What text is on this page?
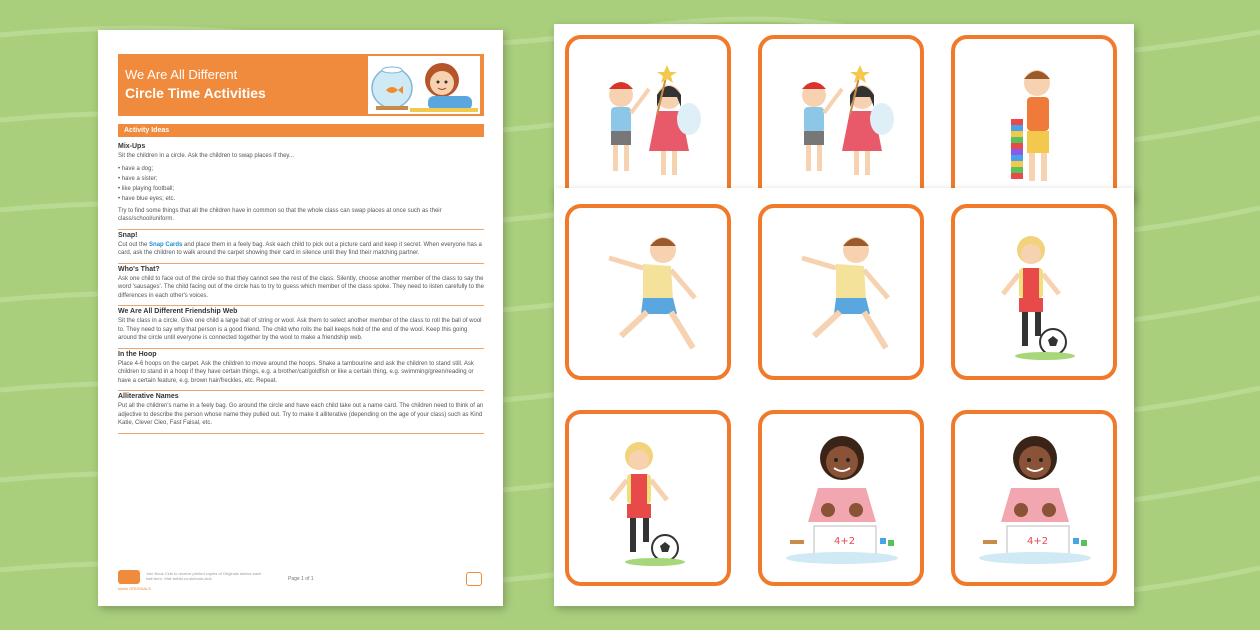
We Are All Different
Circle Time Activities
Activity Ideas
Mix-Ups
Sit the children in a circle. Ask the children to swap places if they...
• have a dog;
• have a sister;
• like playing football;
• have blue eyes; etc.
Try to find some things that all the children have in common so that the whole class can swap places at once such as their class/school/uniform.
Snap!
Cut out the Snap Cards and place them in a feely bag. Ask each child to pick out a picture card and keep it secret. When everyone has a card, ask the children to walk around the carpet showing their card in silence until they find their matching partner.
Who's That?
Ask one child to face out of the circle so that they cannot see the rest of the class. Silently, choose another member of the class to say the word 'sausages'. The child facing out of the circle has to try to guess which member of the class spoke. They need to listen carefully to the differences in each other's voices.
We Are All Different Friendship Web
Sit the class in a circle. Give one child a large ball of string or wool. Ask them to select another member of the class to roll the ball of wool to. They need to say why that person is a good friend. The child who rolls the ball keeps hold of the end of the wool. Keep this going around the circle until everyone is connected together by the wool to make a friendship web.
In the Hoop
Place 4-6 hoops on the carpet. Ask the children to move around the hoops. Shake a tambourine and ask the children to stand still. Ask children to stand in a hoop if they have certain things, e.g. a brother/cat/goldfish or like a certain thing, e.g. swimming/green/reading or have a certain feature, e.g. brown hair/freckles, etc. Repeat.
Alliterative Names
Put all the children's name in a feely bag. Go around the circle and have each child take out a name card. The children need to think of an adjective to describe the person whose name they pulled out. Try to make it alliterative (depending on the age of your class) such as Kind Katie, Clever Cleo, Fast Faisal, etc.
twinkl ORIGINALS
Join Book Club to receive printed copies of Originals stories each half-term. Visit twinkl.co.uk/book-club	Page 1 of 1
4+2	4+2
